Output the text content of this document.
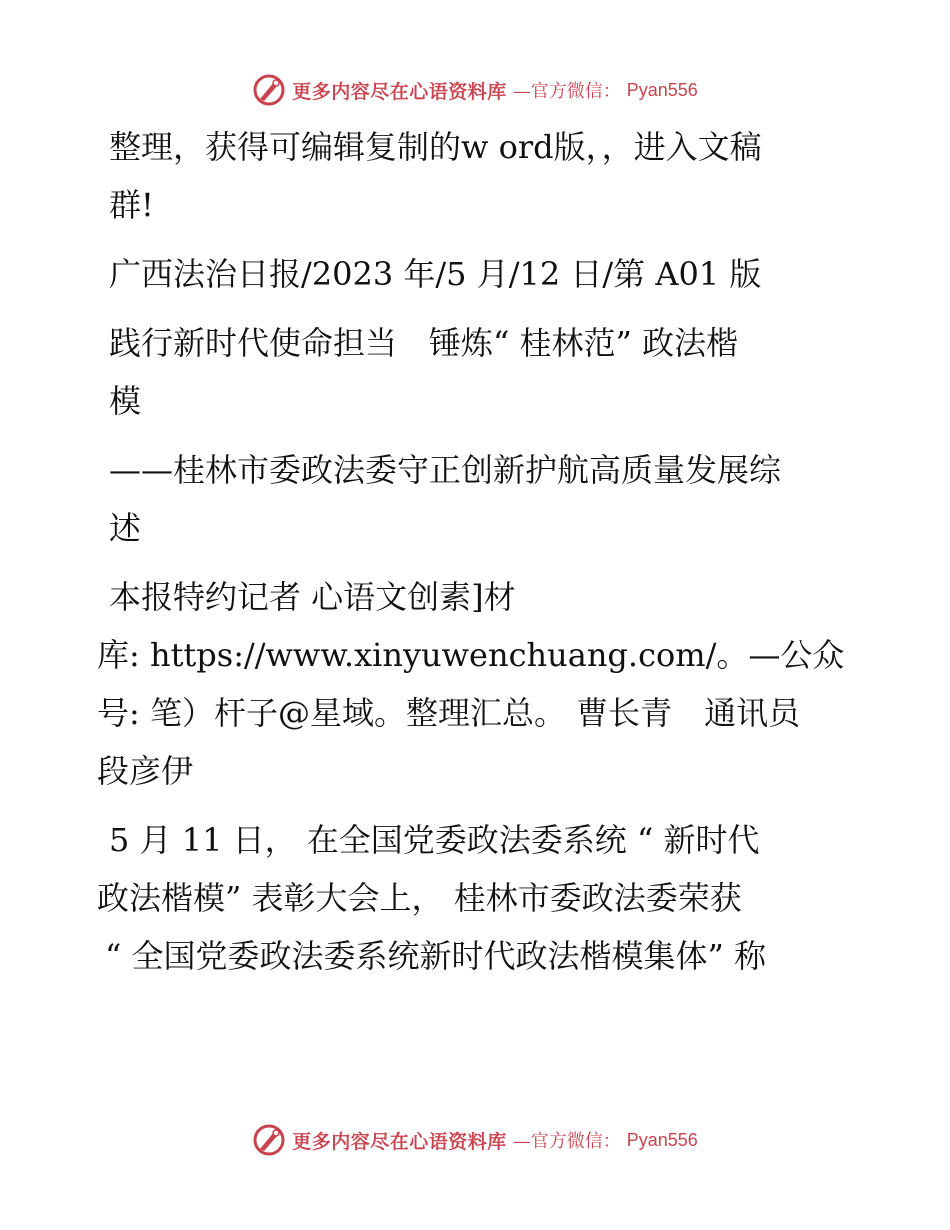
更多内容尽在心语资料库 —官方微信： Pyan556

整理，获得可编辑复制的w ord版，，进入文稿
群!

广西法治日报/2023 年/5 月/12 日/第 A01 版

践行新时代使命担当　锤炼“ 桂林范” 政法楷
模

——桂林市委政法委守正创新护航高质量发展综
述

本报特约记者 心语文创素]材
库: https://www.xinyuwenchuang.com/。—公众
号: 笔）杆子@星域。整理汇总。 曹长青　通讯员
段彦伊

5 月 11 日， 在全国党委政法委系统 “ 新时代
政法楷模” 表彰大会上， 桂林市委政法委荣获
“ 全国党委政法委系统新时代政法楷模集体” 称

更多内容尽在心语资料库 —官方微信： Pyan556
